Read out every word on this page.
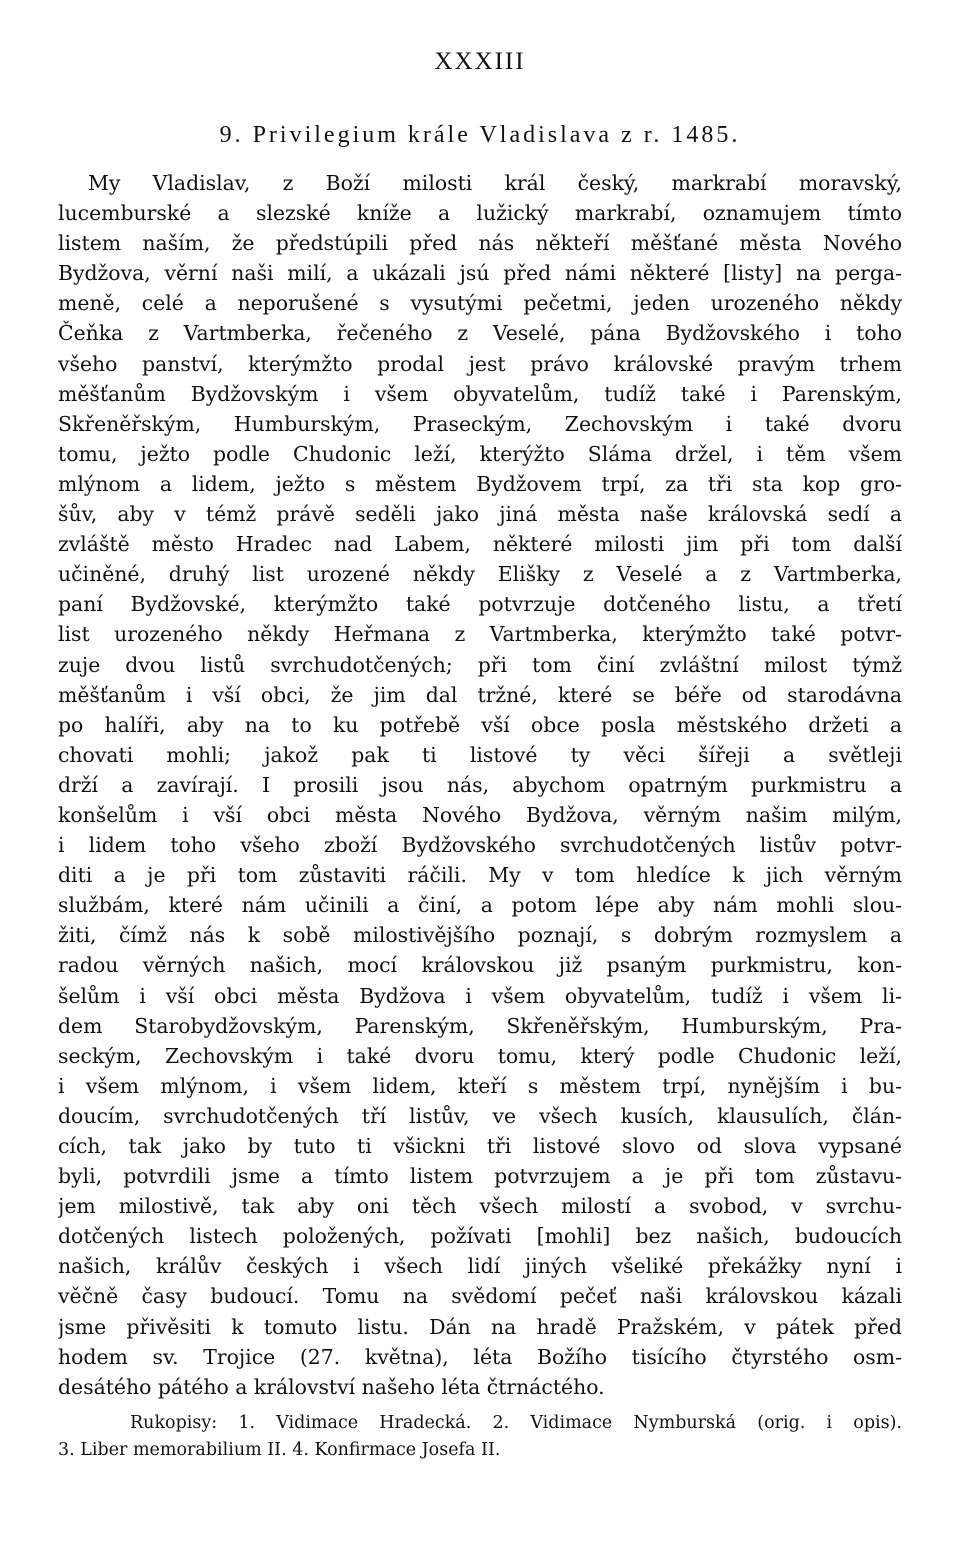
XXXIII
9. Privilegium krále Vladislava z r. 1485.
My Vladislav, z Boží milosti král český, markrabí moravský,
lucemburské a slezské kníže a lužický markrabí, oznamujem tímto
listem naším, že předstúpili před nás někteří měšťané města Nového
Bydžova, věrní naši milí, a ukázali jsú před námi některé [listy] na perga-
meně, celé a neporušené s vysutými pečetmi, jeden urozeného někdy
Čeňka z Vartmberka, řečeného z Veselé, pána Bydžovského i toho
všeho panství, kterýmžto prodal jest právo královské pravým trhem
měšťanům Bydžovským i všem obyvatelům, tudíž také i Parenským,
Skřeněřským, Humburským, Praseckým, Zechovským i také dvoru
tomu, ježto podle Chudonic leží, kterýžto Sláma držel, i těm všem
mlýnom a lidem, ježto s městem Bydžovem trpí, za tři sta kop gro-
šův, aby v témž právě seděli jako jiná města naše královská sedí a
zvláště město Hradec nad Labem, některé milosti jim při tom další
učiněné, druhý list urozené někdy Elišky z Veselé a z Vartmberka,
paní Bydžovské, kterýmžto také potvrzuje dotčeného listu, a třetí
list urozeného někdy Heřmana z Vartmberka, kterýmžto také potvr-
zuje dvou listů svrchudotčených; při tom činí zvláštní milost týmž
měšťanům i vší obci, že jim dal tržné, které se béře od starodávna
po halíři, aby na to ku potřebě vší obce posla městského držeti a
chovati mohli; jakož pak ti listové ty věci šířeji a světleji
drží a zavírají. I prosili jsou nás, abychom opatrným purkmistru a
konšelům i vší obci města Nového Bydžova, věrným našim milým,
i lidem toho všeho zboží Bydžovského svrchudotčených listův potvr-
diti a je při tom zůstaviti ráčili. My v tom hledíce k jich věrným
službám, které nám učinili a činí, a potom lépe aby nám mohli slou-
žiti, čímž nás k sobě milostivějšího poznají, s dobrým rozmyslem a
radou věrných našich, mocí královskou již psaným purkmistru, kon-
šelům i vší obci města Bydžova i všem obyvatelům, tudíž i všem li-
dem Starobydžovským, Parenským, Skřeněřským, Humburským, Pra-
seckým, Zechovským i také dvoru tomu, který podle Chudonic leží,
i všem mlýnom, i všem lidem, kteří s městem trpí, nynějším i bu-
doucím, svrchudotčených tří listův, ve všech kusích, klausulích, člán-
cích, tak jako by tuto ti všickni tři listové slovo od slova vypsané
byli, potvrdili jsme a tímto listem potvrzujem a je při tom zůstavu-
jem milostivě, tak aby oni těch všech milostí a svobod, v svrchu-
dotčených listech položených, požívati [mohli] bez našich, budoucích
našich, králův českých i všech lidí jiných všeliké překážky nyní i
věčně časy budoucí. Tomu na svědomí pečeť naši královskou kázali
jsme přivěsiti k tomuto listu. Dán na hradě Pražském, v pátek před
hodem sv. Trojice (27. května), léta Božího tisícího čtyrstého osm-
desátého pátého a království našeho léta čtrnáctého.
Rukopisy: 1. Vidimace Hradecká. 2. Vidimace Nymburská (orig. i opis).
3. Liber memorabilium II. 4. Konfirmace Josefa II.
